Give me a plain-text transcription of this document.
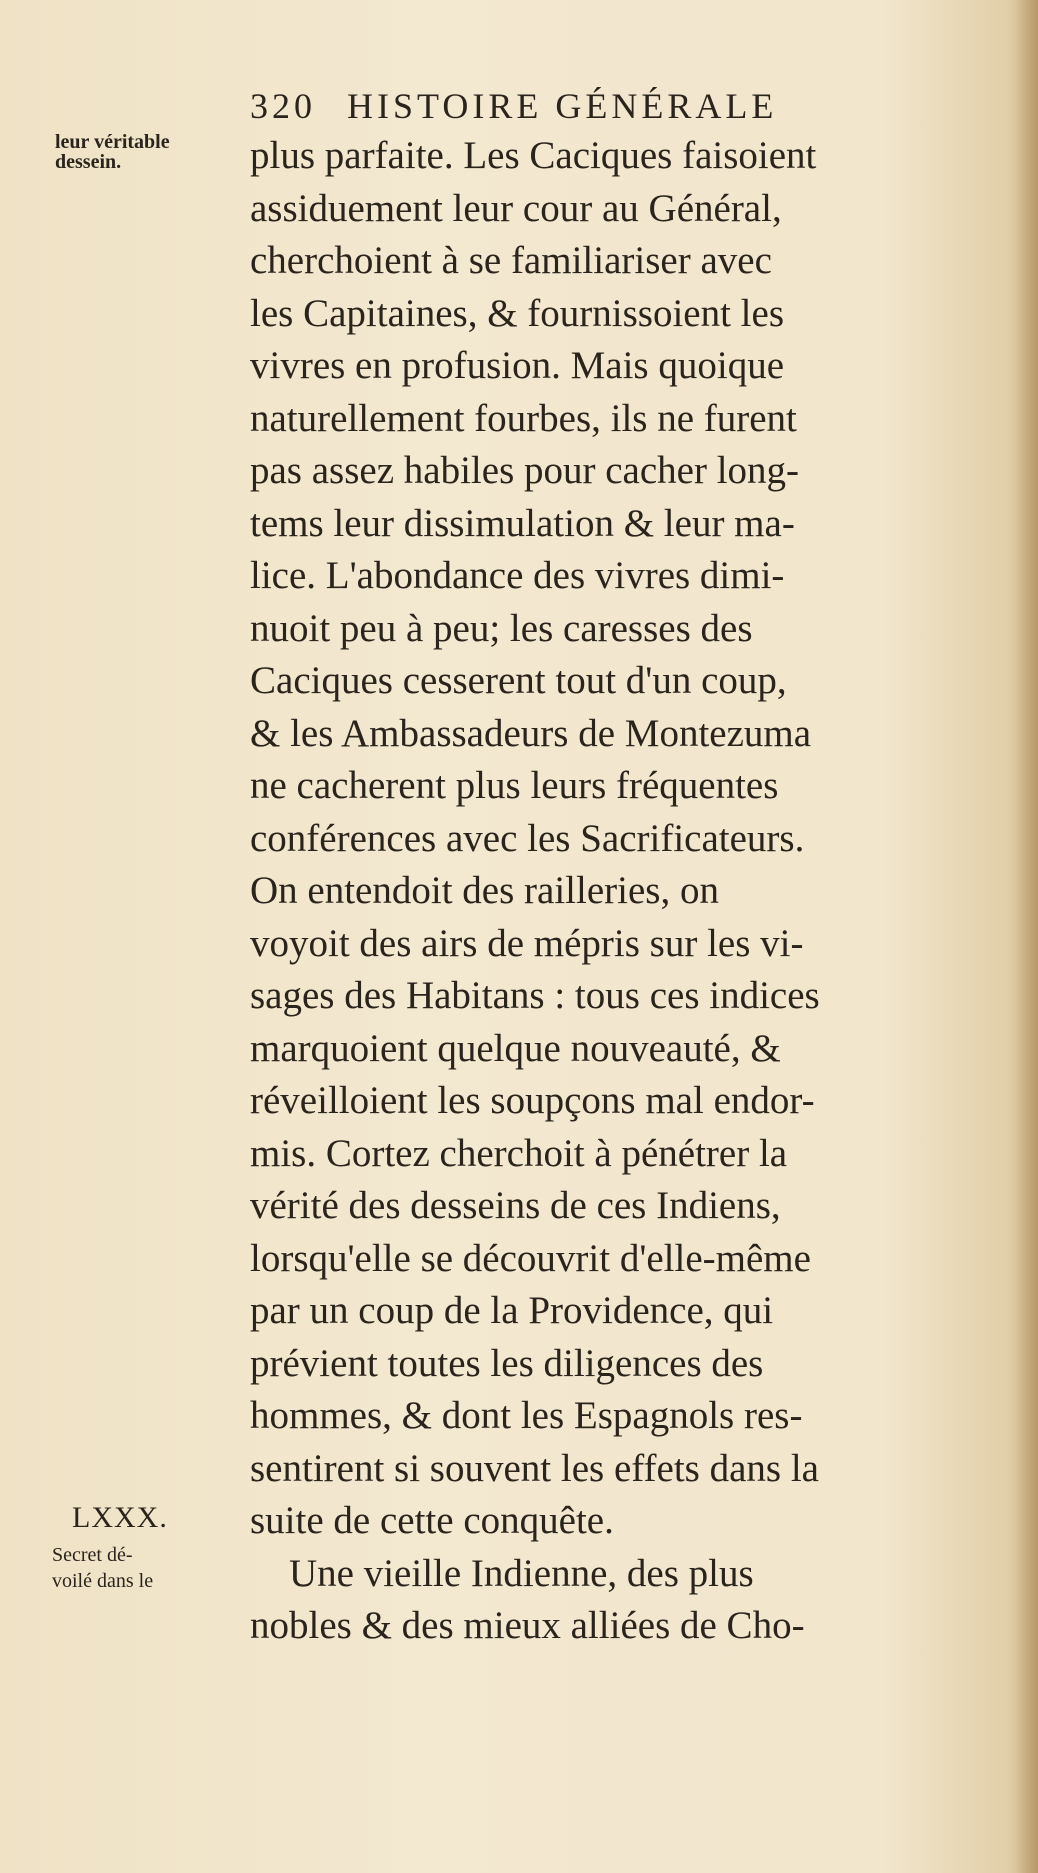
320 HISTOIRE GÉNÉRALE
leur véritable
dessein.
LXXX.
Secret dé-
voilé dans le
plus parfaite. Les Caciques faisoient
assiduement leur cour au Général,
cherchoient à se familiariser avec
les Capitaines, & fournissoient les
vivres en profusion. Mais quoique
naturellement fourbes, ils ne furent
pas assez habiles pour cacher long-
tems leur dissimulation & leur ma-
lice. L'abondance des vivres dimi-
nuoit peu à peu; les caresses des
Caciques cesserent tout d'un coup,
& les Ambassadeurs de Montezuma
ne cacherent plus leurs fréquentes
conférences avec les Sacrificateurs.
On entendoit des railleries, on
voyoit des airs de mépris sur les vi-
sages des Habitans : tous ces indices
marquoient quelque nouveauté, &
réveilloient les soupçons mal endor-
mis. Cortez cherchoit à pénétrer la
vérité des desseins de ces Indiens,
lorsqu'elle se découvrit d'elle-même
par un coup de la Providence, qui
prévient toutes les diligences des
hommes, & dont les Espagnols res-
sentirent si souvent les effets dans la
suite de cette conquête.
Une vieille Indienne, des plus
nobles & des mieux alliées de Cho-
